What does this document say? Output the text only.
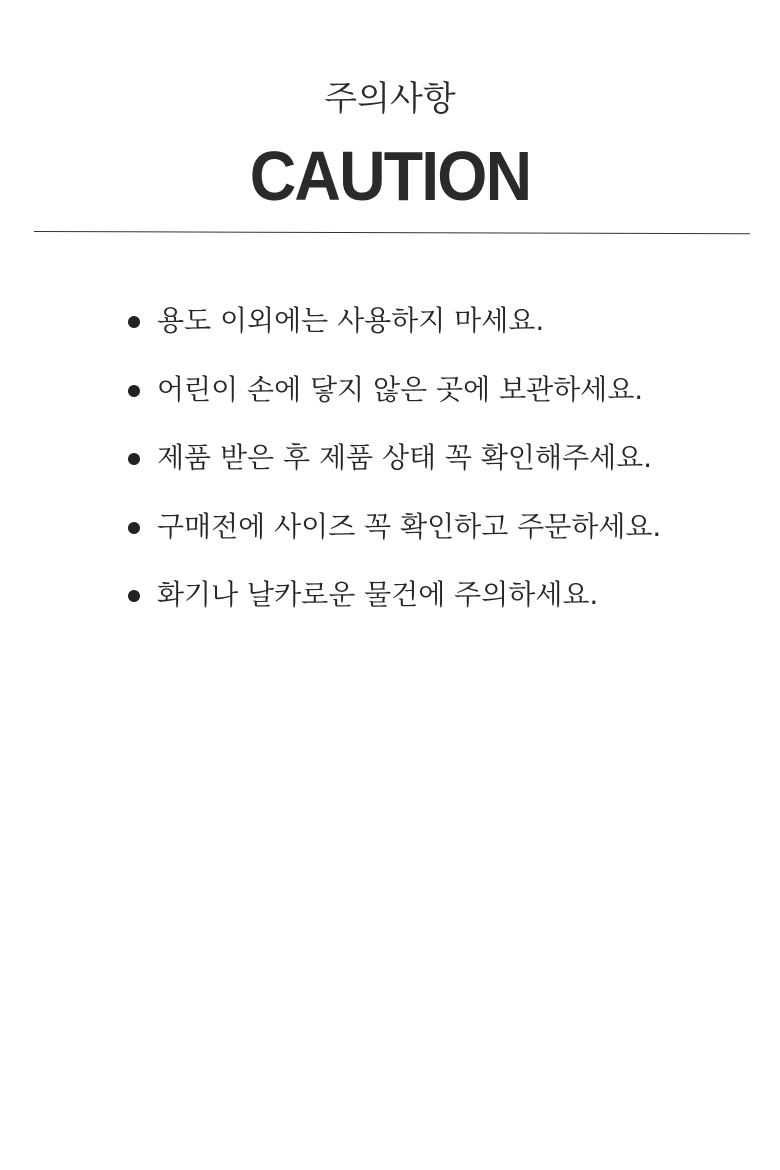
주의사항
CAUTION
용도 이외에는 사용하지 마세요.
어린이 손에 닿지 않은 곳에 보관하세요.
제품 받은 후 제품 상태 꼭 확인해주세요.
구매전에 사이즈 꼭 확인하고 주문하세요.
화기나 날카로운 물건에 주의하세요.
